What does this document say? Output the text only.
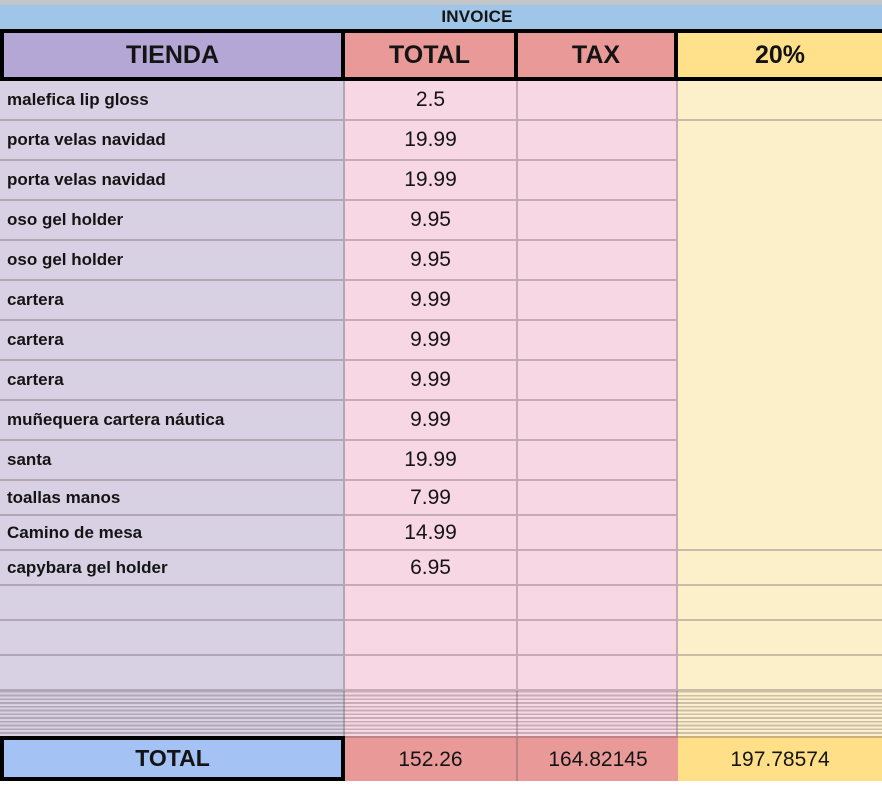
INVOICE
TIENDA	TOTAL	TAX	20%
malefica lip gloss	2.5
porta velas navidad	19.99
porta velas navidad	19.99
oso gel holder	9.95
oso gel holder	9.95
cartera	9.99
cartera	9.99
cartera	9.99
muñequera cartera náutica	9.99
santa	19.99
toallas manos	7.99
Camino de mesa	14.99
capybara gel holder	6.95
TOTAL	152.26	164.82145	197.78574
